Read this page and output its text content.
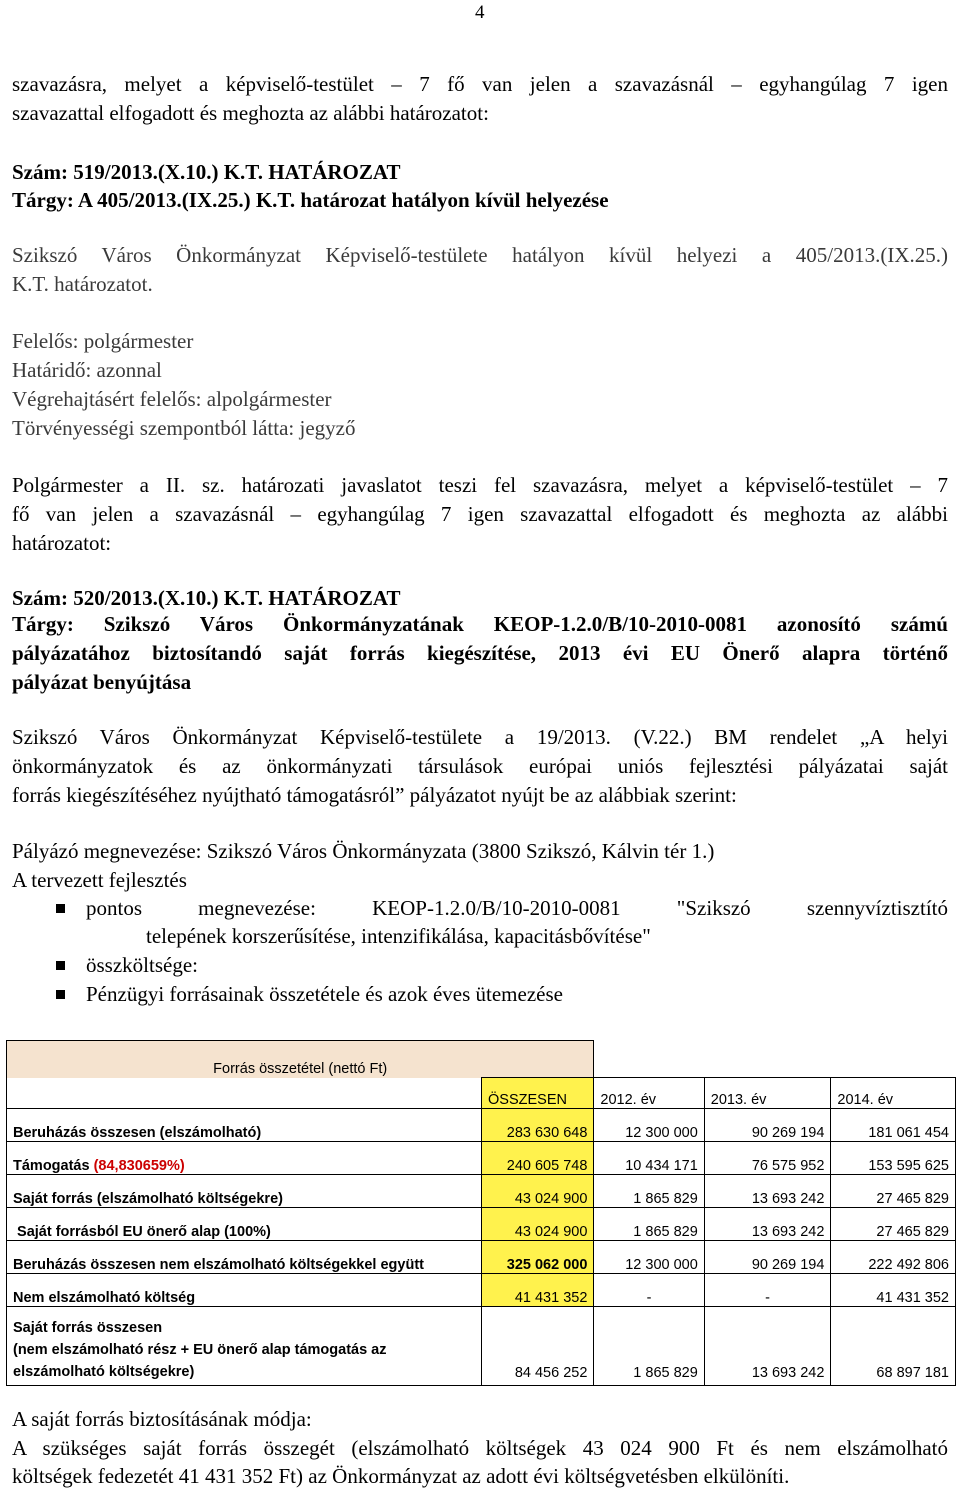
4
szavazásra, melyet a képviselő-testület – 7 fő van jelen a szavazásnál – egyhangúlag 7 igen
szavazattal elfogadott és meghozta az alábbi határozatot:
Szám: 519/2013.(X.10.) K.T. HATÁROZAT
Tárgy: A 405/2013.(IX.25.) K.T. határozat hatályon kívül helyezése
Szikszó Város Önkormányzat Képviselő-testülete hatályon kívül helyezi a 405/2013.(IX.25.)
K.T. határozatot.
Felelős: polgármester
Határidő: azonnal
Végrehajtásért felelős: alpolgármester
Törvényességi szempontból látta: jegyző
Polgármester a II. sz. határozati javaslatot teszi fel szavazásra, melyet a képviselő-testület – 7
fő van jelen a szavazásnál – egyhangúlag 7 igen szavazattal elfogadott és meghozta az alábbi
határozatot:
Szám: 520/2013.(X.10.) K.T. HATÁROZAT
Tárgy: Szikszó Város Önkormányzatának KEOP-1.2.0/B/10-2010-0081 azonosító számú
pályázatához biztosítandó saját forrás kiegészítése, 2013 évi EU Önerő alapra történő
pályázat benyújtása
Szikszó Város Önkormányzat Képviselő-testülete a 19/2013. (V.22.) BM rendelet „A helyi
önkormányzatok és az önkormányzati társulások európai uniós fejlesztési pályázatai saját
forrás kiegészítéséhez nyújtható támogatásról” pályázatot nyújt be az alábbiak szerint:
Pályázó megnevezése: Szikszó Város Önkormányzata (3800 Szikszó, Kálvin tér 1.)
A tervezett fejlesztés
pontos    megnevezése:    KEOP-1.2.0/B/10-2010-0081    "Szikszó    szennyvíztisztító
telepének korszerűsítése, intenzifikálása, kapacitásbővítése"
összköltsége:
Pénzügyi forrásainak összetétele és azok éves ütemezése
Forrás összetétel (nettó Ft)				
	ÖSSZESEN	2012. év	2013. év	2014. év
Beruházás összesen (elszámolható)	283 630 648	12 300 000	90 269 194	181 061 454
Támogatás (84,830659%)	240 605 748	10 434 171	76 575 952	153 595 625
Saját forrás (elszámolható költségekre)	43 024 900	1 865 829	13 693 242	27 465 829
Saját forrásból EU önerő alap (100%)	43 024 900	1 865 829	13 693 242	27 465 829
Beruházás összesen nem elszámolható költségekkel együtt	325 062 000	12 300 000	90 269 194	222 492 806
Nem elszámolható költség	41 431 352	-	-	41 431 352

Saját forrás összesen
(nem elszámolható rész + EU önerő alap támogatás az
elszámolható költségekre)	84 456 252	1 865 829	13 693 242	68 897 181
A saját forrás biztosításának módja:
A szükséges saját forrás összegét (elszámolható költségek 43 024 900 Ft és nem elszámolható
költségek fedezetét 41 431 352 Ft) az Önkormányzat az adott évi költségvetésben elkülöníti.
